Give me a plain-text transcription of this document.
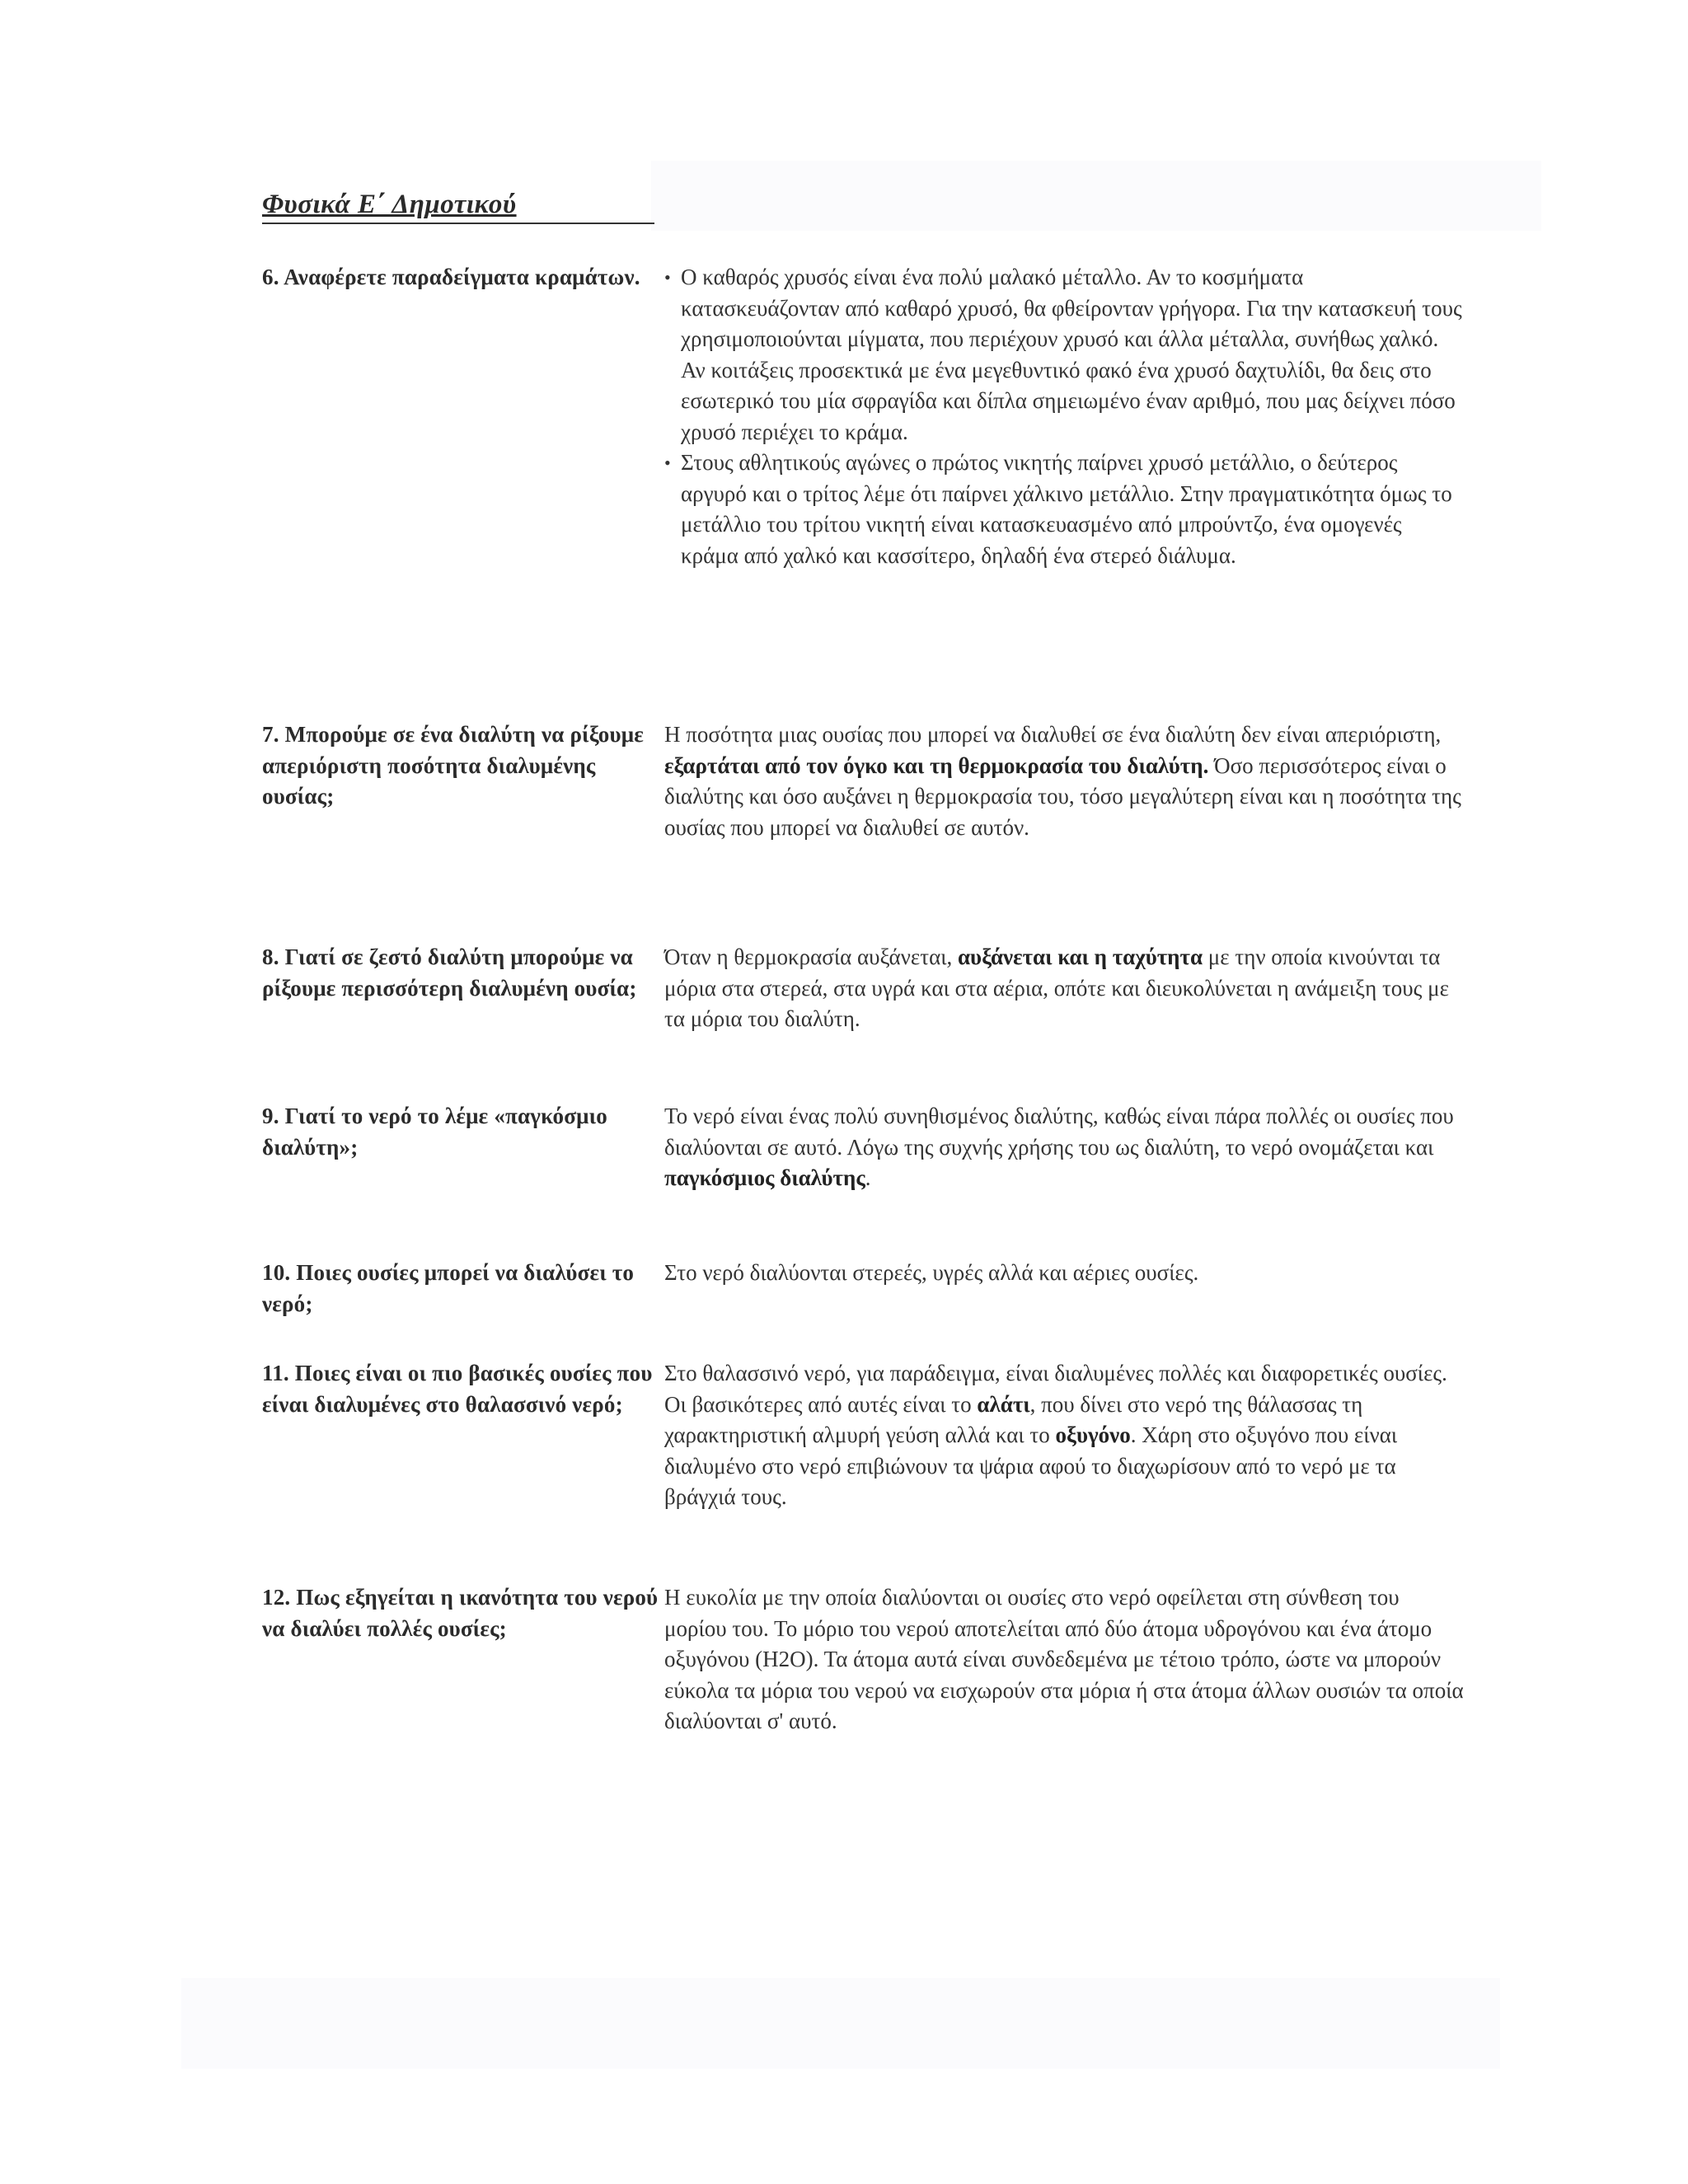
Φυσικά Ε΄ Δημοτικού
6. Αναφέρετε παραδείγματα κραμάτων.	• Ο καθαρός χρυσός είναι ένα πολύ μαλακό μέταλλο. Αν το κοσμήματα κατασκευάζονταν από καθαρό χρυσό, θα φθείρονταν γρήγορα. Για την κατασκευή τους χρησιμοποιούνται μίγματα, που περιέχουν χρυσό και άλλα μέταλλα, συνήθως χαλκό. Αν κοιτάξεις προσεκτικά με ένα μεγεθυντικό φακό ένα χρυσό δαχτυλίδι, θα δεις στο εσωτερικό του μία σφραγίδα και δίπλα σημειωμένο έναν αριθμό, που μας δείχνει πόσο χρυσό περιέχει το κράμα.
• Στους αθλητικούς αγώνες ο πρώτος νικητής παίρνει χρυσό μετάλλιο, ο δεύτερος αργυρό και ο τρίτος λέμε ότι παίρνει χάλκινο μετάλλιο. Στην πραγματικότητα όμως το μετάλλιο του τρίτου νικητή είναι κατασκευασμένο από μπρούντζο, ένα ομογενές κράμα από χαλκό και κασσίτερο, δηλαδή ένα στερεό διάλυμα.
7. Μπορούμε σε ένα διαλύτη να ρίξουμε απεριόριστη ποσότητα διαλυμένης ουσίας;
Η ποσότητα μιας ουσίας που μπορεί να διαλυθεί σε ένα διαλύτη δεν είναι απεριόριστη, εξαρτάται από τον όγκο και τη θερμοκρασία του διαλύτη. Όσο περισσότερος είναι ο διαλύτης και όσο αυξάνει η θερμοκρασία του, τόσο μεγαλύτερη είναι και η ποσότητα της ουσίας που μπορεί να διαλυθεί σε αυτόν.
8. Γιατί σε ζεστό διαλύτη μπορούμε να ρίξουμε περισσότερη διαλυμένη ουσία;
Όταν η θερμοκρασία αυξάνεται, αυξάνεται και η ταχύτητα με την οποία κινούνται τα μόρια στα στερεά, στα υγρά και στα αέρια, οπότε και διευκολύνεται η ανάμειξη τους με τα μόρια του διαλύτη.
9. Γιατί το νερό το λέμε «παγκόσμιο διαλύτη»;
Το νερό είναι ένας πολύ συνηθισμένος διαλύτης, καθώς είναι πάρα πολλές οι ουσίες που διαλύονται σε αυτό. Λόγω της συχνής χρήσης του ως διαλύτη, το νερό ονομάζεται και παγκόσμιος διαλύτης.
10. Ποιες ουσίες μπορεί να διαλύσει το νερό;
Στο νερό διαλύονται στερεές, υγρές αλλά και αέριες ουσίες.
11. Ποιες είναι οι πιο βασικές ουσίες που είναι διαλυμένες στο θαλασσινό νερό;
Στο θαλασσινό νερό, για παράδειγμα, είναι διαλυμένες πολλές και διαφορετικές ουσίες. Οι βασικότερες από αυτές είναι το αλάτι, που δίνει στο νερό της θάλασσας τη χαρακτηριστική αλμυρή γεύση αλλά και το οξυγόνο. Χάρη στο οξυγόνο που είναι διαλυμένο στο νερό επιβιώνουν τα ψάρια αφού το διαχωρίσουν από το νερό με τα βράγχιά τους.
12. Πως εξηγείται η ικανότητα του νερού να διαλύει πολλές ουσίες;
Η ευκολία με την οποία διαλύονται οι ουσίες στο νερό οφείλεται στη σύνθεση του μορίου του. Το μόριο του νερού αποτελείται από δύο άτομα υδρογόνου και ένα άτομο οξυγόνου (Η2Ο). Τα άτομα αυτά είναι συνδεδεμένα με τέτοιο τρόπο, ώστε να μπορούν εύκολα τα μόρια του νερού να εισχωρούν στα μόρια ή στα άτομα άλλων ουσιών τα οποία διαλύονται σ' αυτό.
